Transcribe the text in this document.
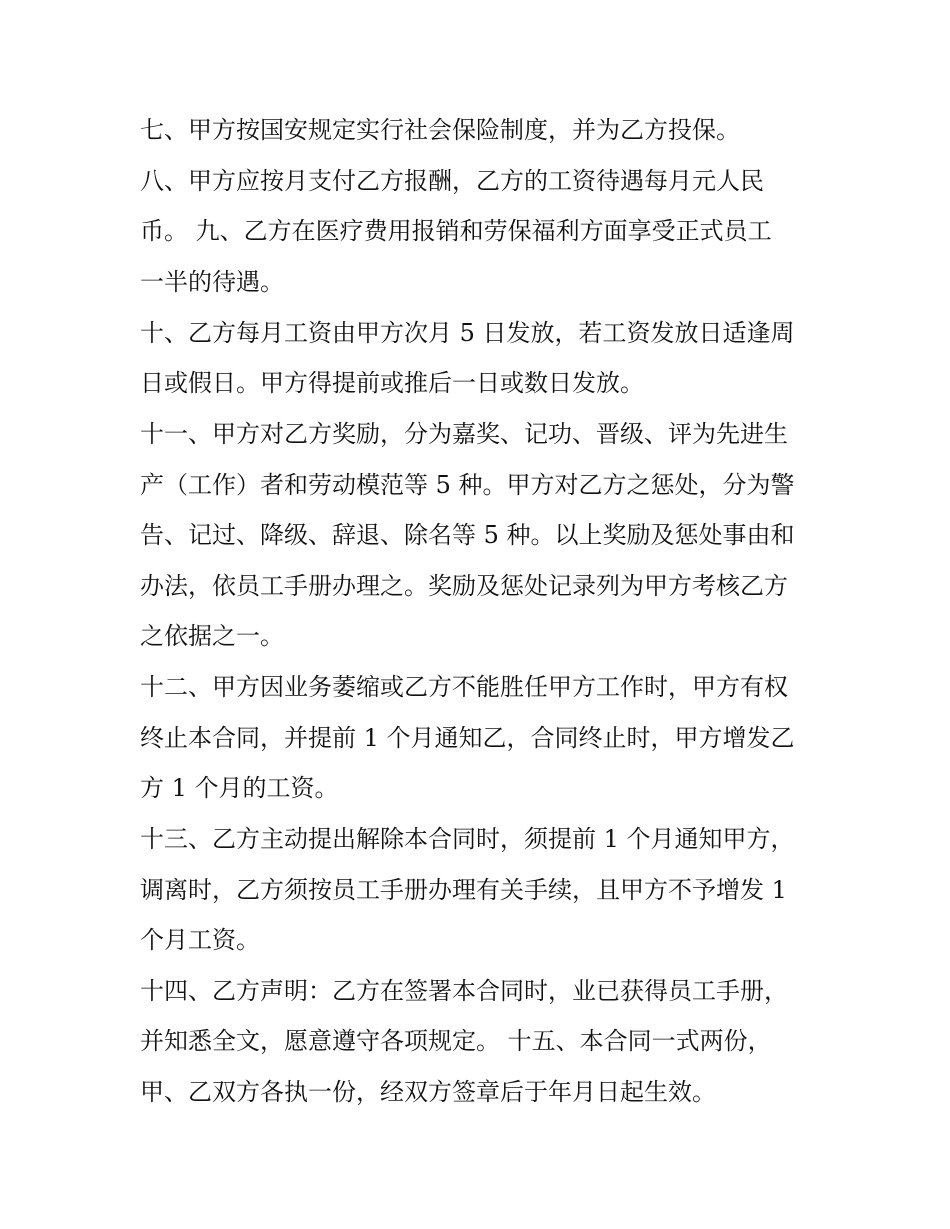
七、甲方按国安规定实行社会保险制度，并为乙方投保。

八、甲方应按月支付乙方报酬，乙方的工资待遇每月元人民

币。 九、乙方在医疗费用报销和劳保福利方面享受正式员工

一半的待遇。

十、乙方每月工资由甲方次月 5 日发放，若工资发放日适逢周

日或假日。甲方得提前或推后一日或数日发放。

十一、甲方对乙方奖励，分为嘉奖、记功、晋级、评为先进生

产（工作）者和劳动模范等 5 种。甲方对乙方之惩处，分为警

告、记过、降级、辞退、除名等 5 种。以上奖励及惩处事由和

办法，依员工手册办理之。奖励及惩处记录列为甲方考核乙方

之依据之一。

十二、甲方因业务萎缩或乙方不能胜任甲方工作时，甲方有权

终止本合同，并提前 1 个月通知乙，合同终止时，甲方增发乙

方 1 个月的工资。

十三、乙方主动提出解除本合同时，须提前 1 个月通知甲方，

调离时，乙方须按员工手册办理有关手续，且甲方不予增发 1

个月工资。

十四、乙方声明：乙方在签署本合同时，业已获得员工手册，

并知悉全文，愿意遵守各项规定。 十五、本合同一式两份，

甲、乙双方各执一份，经双方签章后于年月日起生效。
